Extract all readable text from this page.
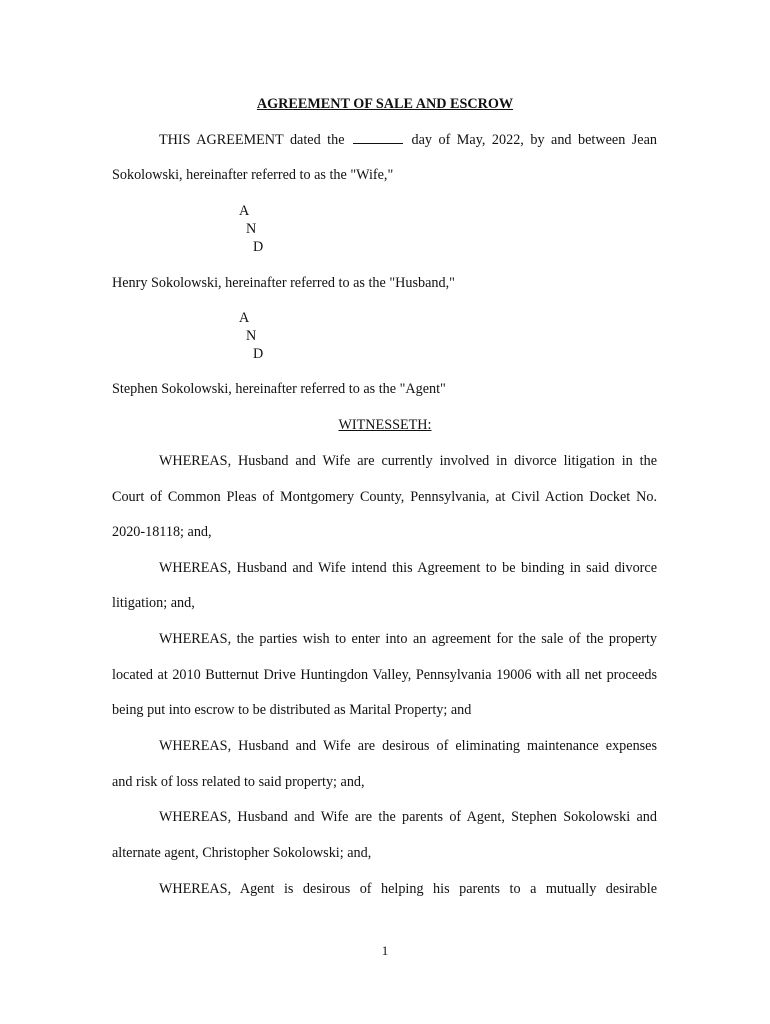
AGREEMENT OF SALE AND ESCROW
THIS AGREEMENT dated the	day of May, 2022, by and between Jean
Sokolowski, hereinafter referred to as the "Wife,"
A
N
D
Henry Sokolowski, hereinafter referred to as the "Husband,"
A
N
D
Stephen Sokolowski, hereinafter referred to as the "Agent"
WITNESSETH:
WHEREAS, Husband and Wife are currently involved in divorce litigation in the
Court of Common Pleas of Montgomery County, Pennsylvania, at Civil Action Docket No.
2020-18118; and,
WHEREAS, Husband and Wife intend this Agreement to be binding in said divorce
litigation; and,
WHEREAS, the parties wish to enter into an agreement for the sale of the property
located at 2010 Butternut Drive Huntingdon Valley, Pennsylvania 19006 with all net proceeds
being put into escrow to be distributed as Marital Property; and
WHEREAS, Husband and Wife are desirous of eliminating maintenance expenses
and risk of loss related to said property; and,
WHEREAS, Husband and Wife are the parents of Agent, Stephen Sokolowski and
alternate agent, Christopher Sokolowski; and,
WHEREAS, Agent is desirous of helping his parents to a mutually desirable
1
